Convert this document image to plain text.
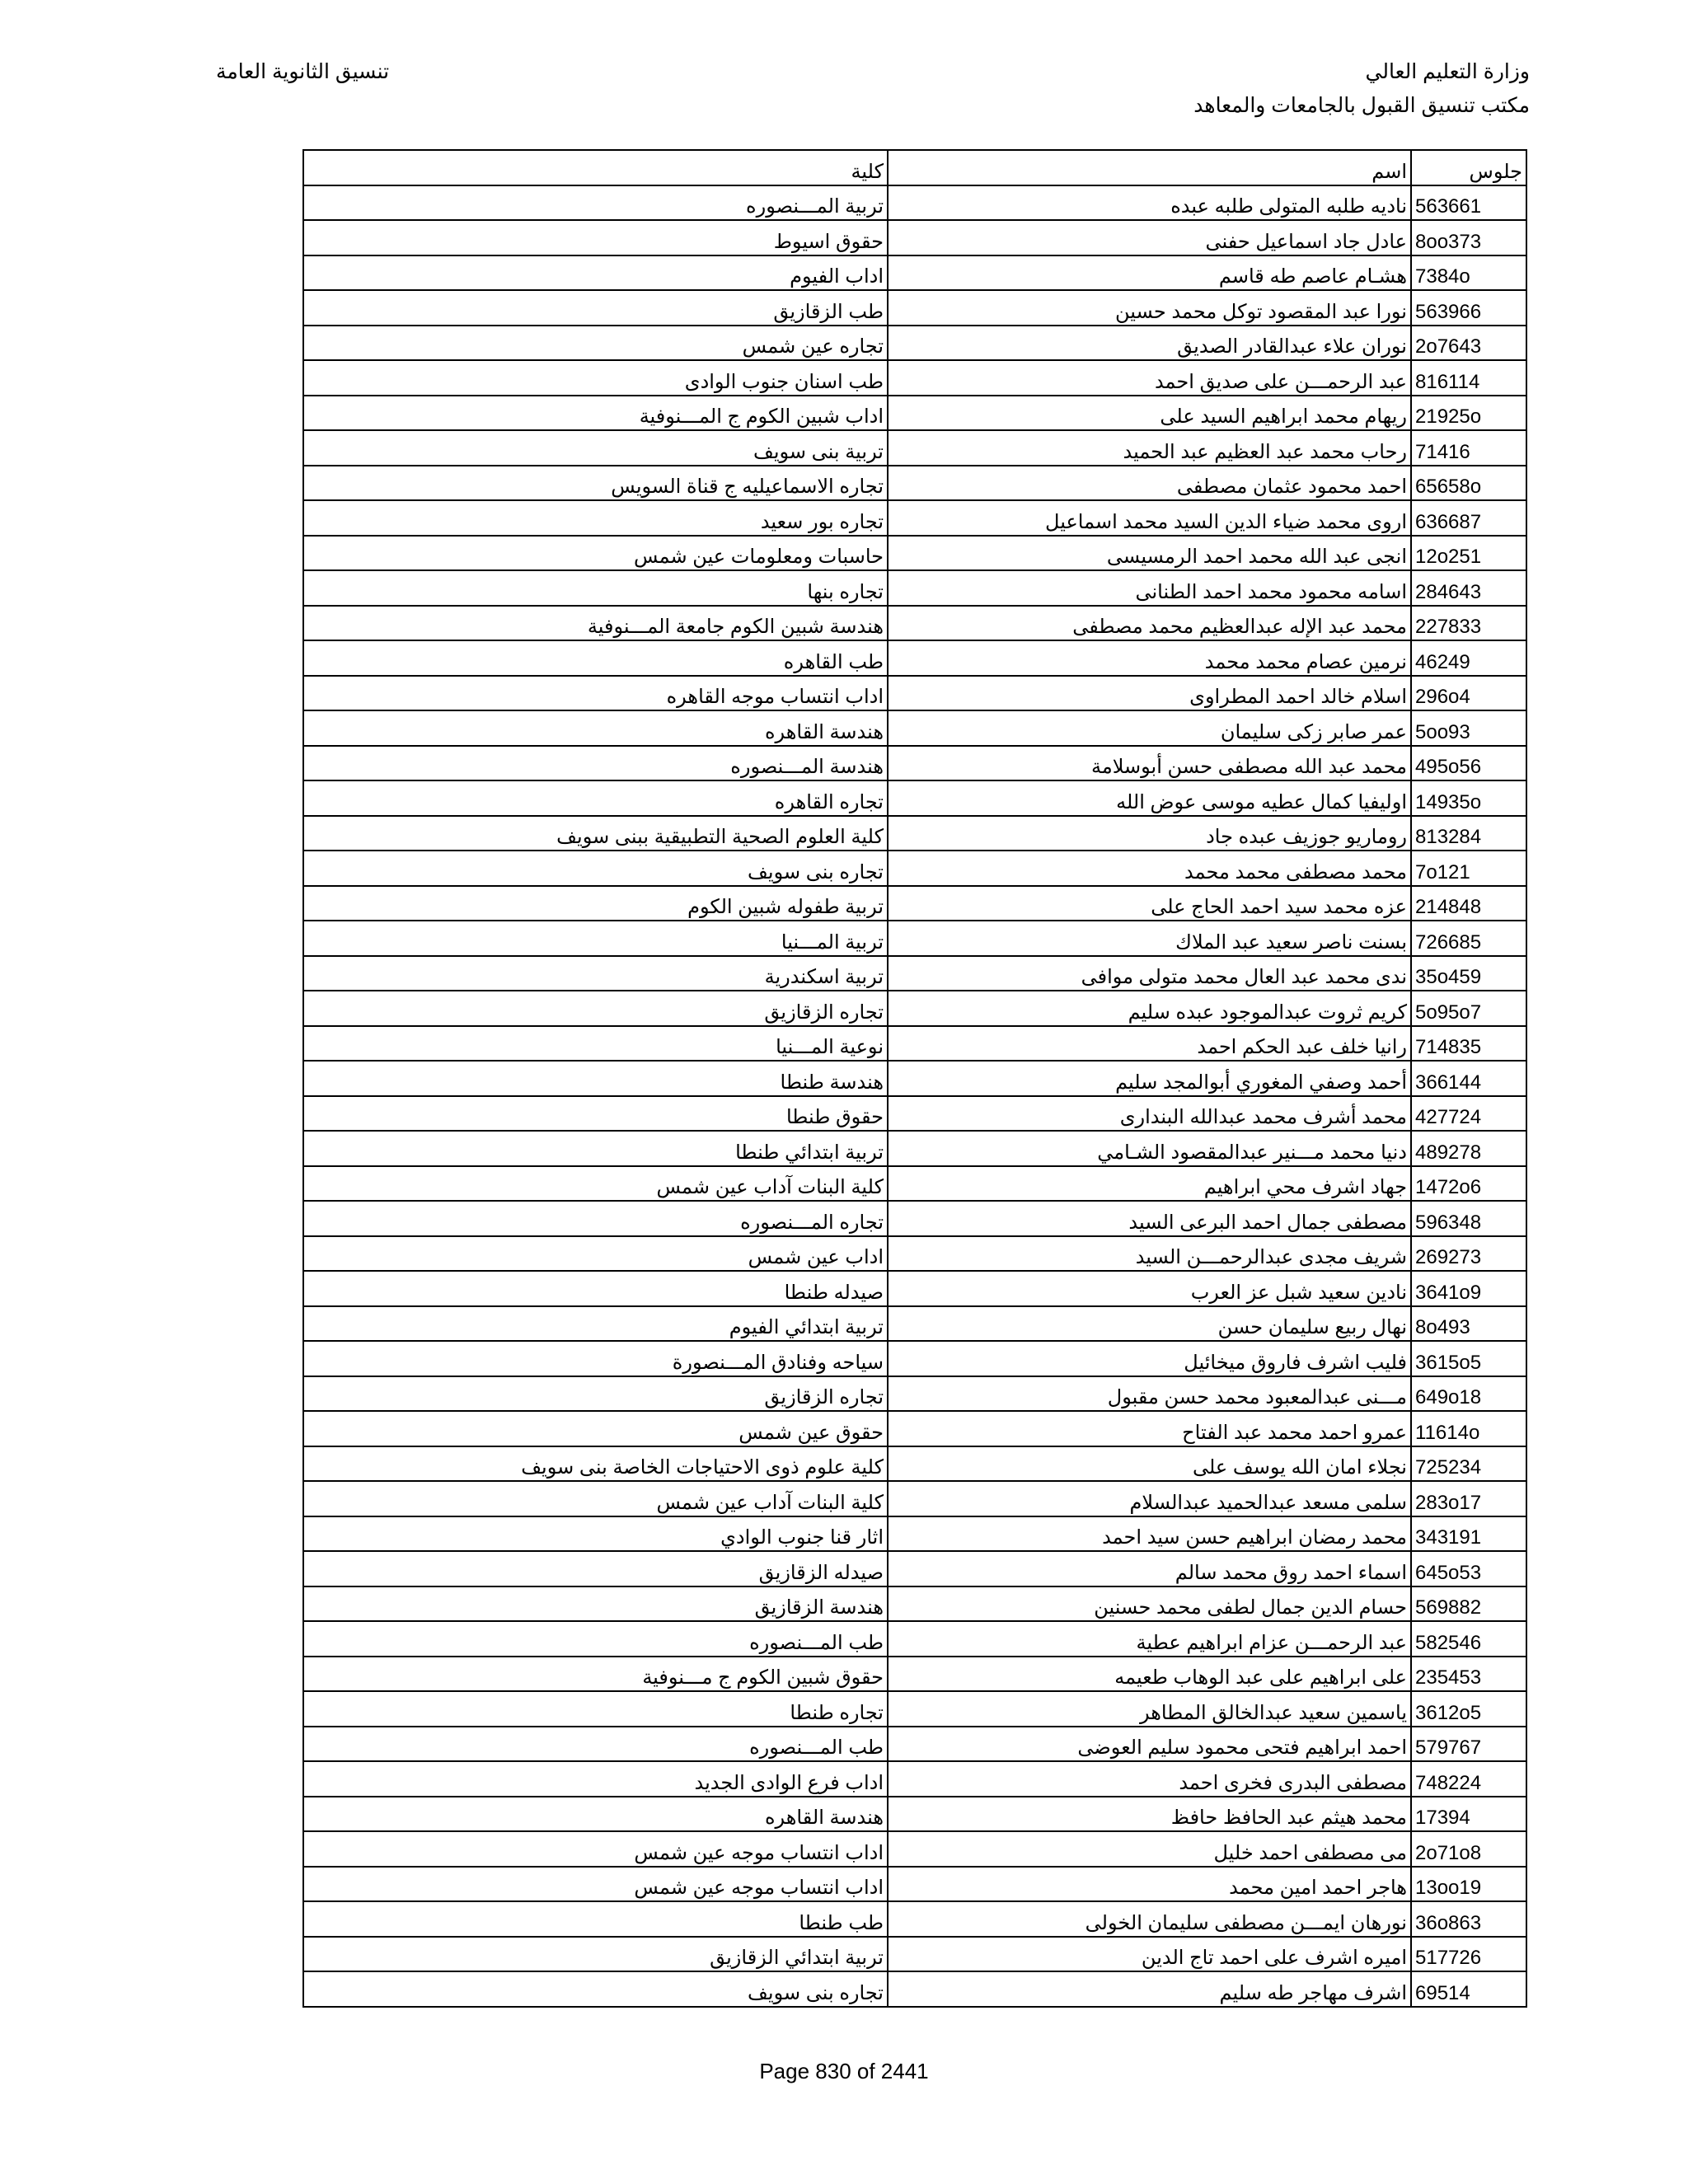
وزارة التعليم العالي
مكتب تنسيق القبول بالجامعات والمعاهد
تنسيق الثانوية العامة
جلوس	اسم	كلية
563661	ناديه طلبه المتولى طلبه عبده	تربية المـــنصوره
8oo373	عادل جاد اسماعيل حفنى	حقوق اسيوط
7384o	هشـام عاصم طه قاسم	اداب الفيوم
563966	نورا عبد المقصود توكل محمد حسين	طب الزقازيق
2o7643	نوران علاء عبدالقادر الصديق	تجاره عين شمس
816114	عبد الرحمـــن على صديق احمد	طب اسنان جنوب الوادى
21925o	ريهام محمد ابراهيم السيد على	اداب شبين الكوم ج المـــنوفية
71416	رحاب محمد عبد العظيم عبد الحميد	تربية بنى سويف
65658o	احمد محمود عثمان مصطفى	تجاره الاسماعيليه ج قناة السويس
636687	اروى محمد ضياء الدين السيد محمد اسماعيل	تجاره بور سعيد
12o251	انجى عبد الله محمد احمد الرمسيسى	حاسبات ومعلومات عين شمس
284643	اسامه محمود محمد احمد الطنانى	تجاره بنها
227833	محمد عبد الإله عبدالعظيم محمد مصطفى	هندسة شبين الكوم جامعة المـــنوفية
46249	نرمين عصام محمد محمد	طب القاهره
296o4	اسلام خالد احمد المطراوى	اداب انتساب موجه القاهره
5oo93	عمر صابر زكى سليمان	هندسة القاهره
495o56	محمد عبد الله مصطفى حسن أبوسلامة	هندسة المـــنصوره
14935o	اوليفيا كمال عطيه موسى عوض الله	تجاره القاهره
813284	روماريو جوزيف عبده جاد	كلية العلوم الصحية التطبيقية ببنى سويف
7o121	محمد مصطفى محمد محمد	تجاره بنى سويف
214848	عزه محمد سيد احمد الحاج على	تربية طفوله شبين الكوم
726685	بسنت ناصر سعيد عبد الملاك	تربية المـــنيا
35o459	ندى محمد عبد العال محمد متولى موافى	تربية اسكندرية
5o95o7	كريم ثروت عبدالموجود عبده سليم	تجاره الزقازيق
714835	رانيا خلف عبد الحكم احمد	نوعية المـــنيا
366144	أحمد وصفي المغوري أبوالمجد سليم	هندسة طنطا
427724	محمد أشرف محمد عبدالله البندارى	حقوق طنطا
489278	دنيا محمد مـــنير عبدالمقصود الشـامي	تربية ابتدائي طنطا
1472o6	جهاد اشرف محي ابراهيم	كلية البنات آداب عين شمس
596348	مصطفى جمال احمد البرعى السيد	تجاره المـــنصوره
269273	شريف مجدى عبدالرحمـــن السيد	اداب عين شمس
3641o9	نادين سعيد شبل عز العرب	صيدله طنطا
8o493	نهال ربيع سليمان حسن	تربية ابتدائي الفيوم
3615o5	فليب اشرف فاروق ميخائيل	سياحه وفنادق المـــنصورة
649o18	مـــنى عبدالمعبود محمد حسن مقبول	تجاره الزقازيق
11614o	عمرو احمد محمد عبد الفتاح	حقوق عين شمس
725234	نجلاء امان الله يوسف على	كلية علوم ذوى الاحتياجات الخاصة بنى سويف
283o17	سلمى مسعد عبدالحميد عبدالسلام	كلية البنات آداب عين شمس
343191	محمد رمضان ابراهيم حسن سيد احمد	اثار قنا جنوب الوادي
645o53	اسماء احمد روق محمد سالم	صيدله الزقازيق
569882	حسام الدين جمال لطفى محمد حسنين	هندسة الزقازيق
582546	عبد الرحمـــن عزام ابراهيم عطية	طب المـــنصوره
235453	على ابراهيم على عبد الوهاب طعيمه	حقوق شبين الكوم ج مـــنوفية
3612o5	ياسمين سعيد عبدالخالق المطاهر	تجاره طنطا
579767	احمد ابراهيم فتحى محمود سليم العوضى	طب المـــنصوره
748224	مصطفى البدرى فخرى احمد	اداب فرع الوادى الجديد
17394	محمد هيثم عبد الحافظ حافظ	هندسة القاهره
2o71o8	مى مصطفى احمد خليل	اداب انتساب موجه عين شمس
13oo19	هاجر احمد امين محمد	اداب انتساب موجه عين شمس
36o863	نورهان ايمـــن مصطفى سليمان الخولى	طب طنطا
517726	اميره اشرف على احمد تاج الدين	تربية ابتدائي الزقازيق
69514	اشرف مهاجر طه سليم	تجاره بنى سويف
Page 830 of 2441
